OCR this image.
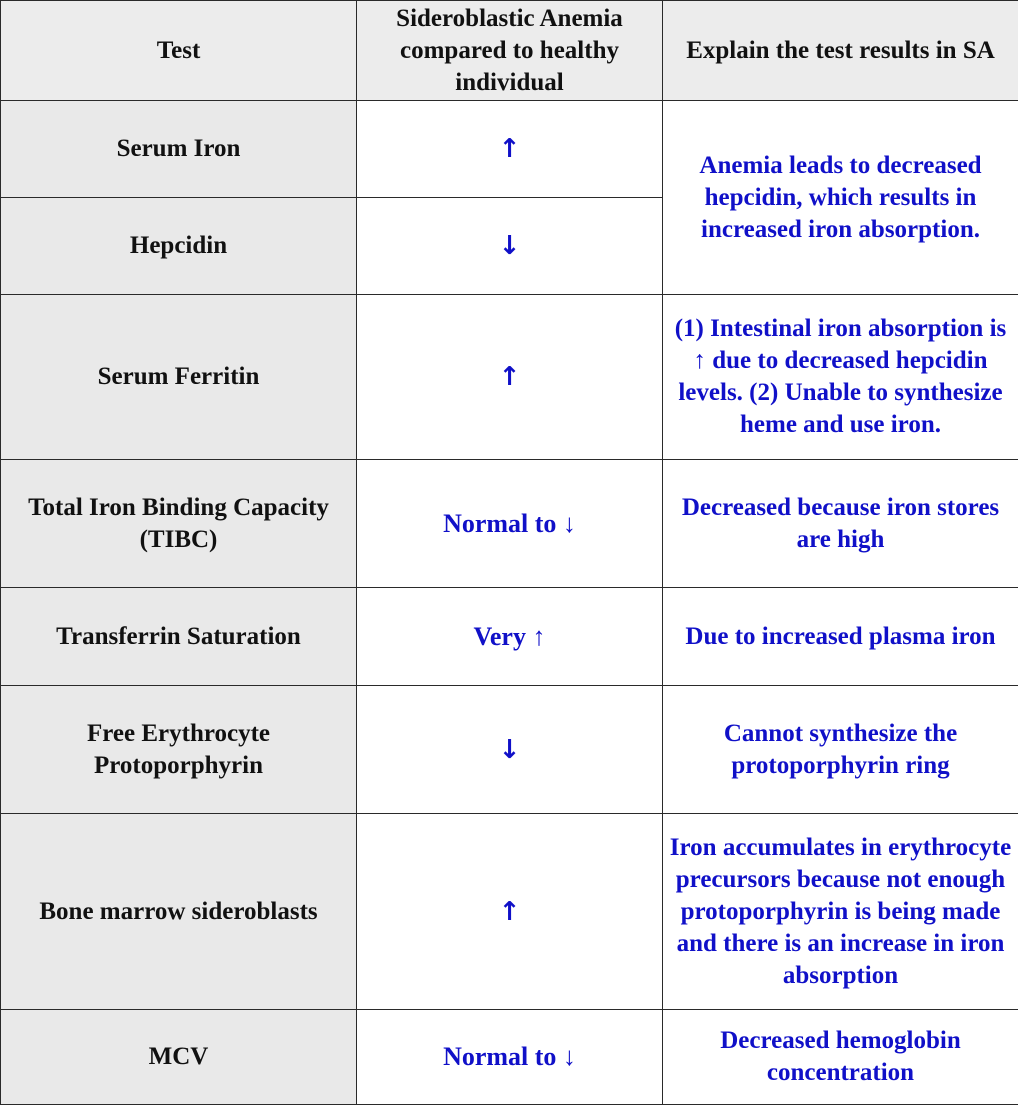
Test	Sideroblastic Anemia compared to healthy individual	Explain the test results in SA
Serum Iron	↑	Anemia leads to decreased hepcidin, which results in increased iron absorption.
Hepcidin	↓	
Serum Ferritin	↑	(1) Intestinal iron absorption is ↑ due to decreased hepcidin levels. (2) Unable to synthesize heme and use iron.
Total Iron Binding Capacity (TIBC)	Normal to ↓	Decreased because iron stores are high
Transferrin Saturation	Very ↑	Due to increased plasma iron
Free Erythrocyte Protoporphyrin	↓	Cannot synthesize the protoporphyrin ring
Bone marrow sideroblasts	↑	Iron accumulates in erythrocyte precursors because not enough protoporphyrin is being made and there is an increase in iron absorption
MCV	Normal to ↓	Decreased hemoglobin concentration
